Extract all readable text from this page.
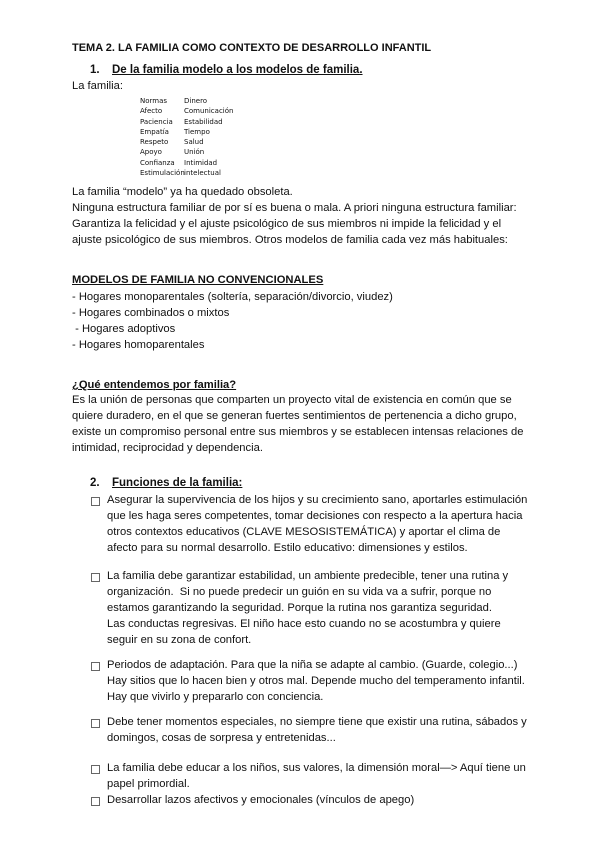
TEMA 2. LA FAMILIA COMO CONTEXTO DE DESARROLLO INFANTIL
1. De la familia modelo a los modelos de familia.
La familia:
Normas
Afecto
Paciencia
Empatía
Respeto
Apoyo
Confianza
Estimulación
Dinero
Comunicación
Estabilidad
Tiempo
Salud
Unión
Intimidad
intelectual
La familia “modelo” ya ha quedado obsoleta.
Ninguna estructura familiar de por sí es buena o mala. A priori ninguna estructura familiar:
Garantiza la felicidad y el ajuste psicológico de sus miembros ni impide la felicidad y el
ajuste psicológico de sus miembros. Otros modelos de familia cada vez más habituales:
MODELOS DE FAMILIA NO CONVENCIONALES
- Hogares monoparentales (soltería, separación/divorcio, viudez)
- Hogares combinados o mixtos
- Hogares adoptivos
- Hogares homoparentales
¿Qué entendemos por familia?
Es la unión de personas que comparten un proyecto vital de existencia en común que se
quiere duradero, en el que se generan fuertes sentimientos de pertenencia a dicho grupo,
existe un compromiso personal entre sus miembros y se establecen intensas relaciones de
intimidad, reciprocidad y dependencia.
2. Funciones de la familia:
Asegurar la supervivencia de los hijos y su crecimiento sano, aportarles estimulación
que les haga seres competentes, tomar decisiones con respecto a la apertura hacia
otros contextos educativos (CLAVE MESOSISTEMÁTICA) y aportar el clima de
afecto para su normal desarrollo. Estilo educativo: dimensiones y estilos.
La familia debe garantizar estabilidad, un ambiente predecible, tener una rutina y
organización.  Si no puede predecir un guión en su vida va a sufrir, porque no
estamos garantizando la seguridad. Porque la rutina nos garantiza seguridad.
Las conductas regresivas. El niño hace esto cuando no se acostumbra y quiere
seguir en su zona de confort.
Periodos de adaptación. Para que la niña se adapte al cambio. (Guarde, colegio...)
Hay sitios que lo hacen bien y otros mal. Depende mucho del temperamento infantil.
Hay que vivirlo y prepararlo con conciencia.
Debe tener momentos especiales, no siempre tiene que existir una rutina, sábados y
domingos, cosas de sorpresa y entretenidas...
La familia debe educar a los niños, sus valores, la dimensión moral—> Aquí tiene un
papel primordial.
Desarrollar lazos afectivos y emocionales (vínculos de apego)
